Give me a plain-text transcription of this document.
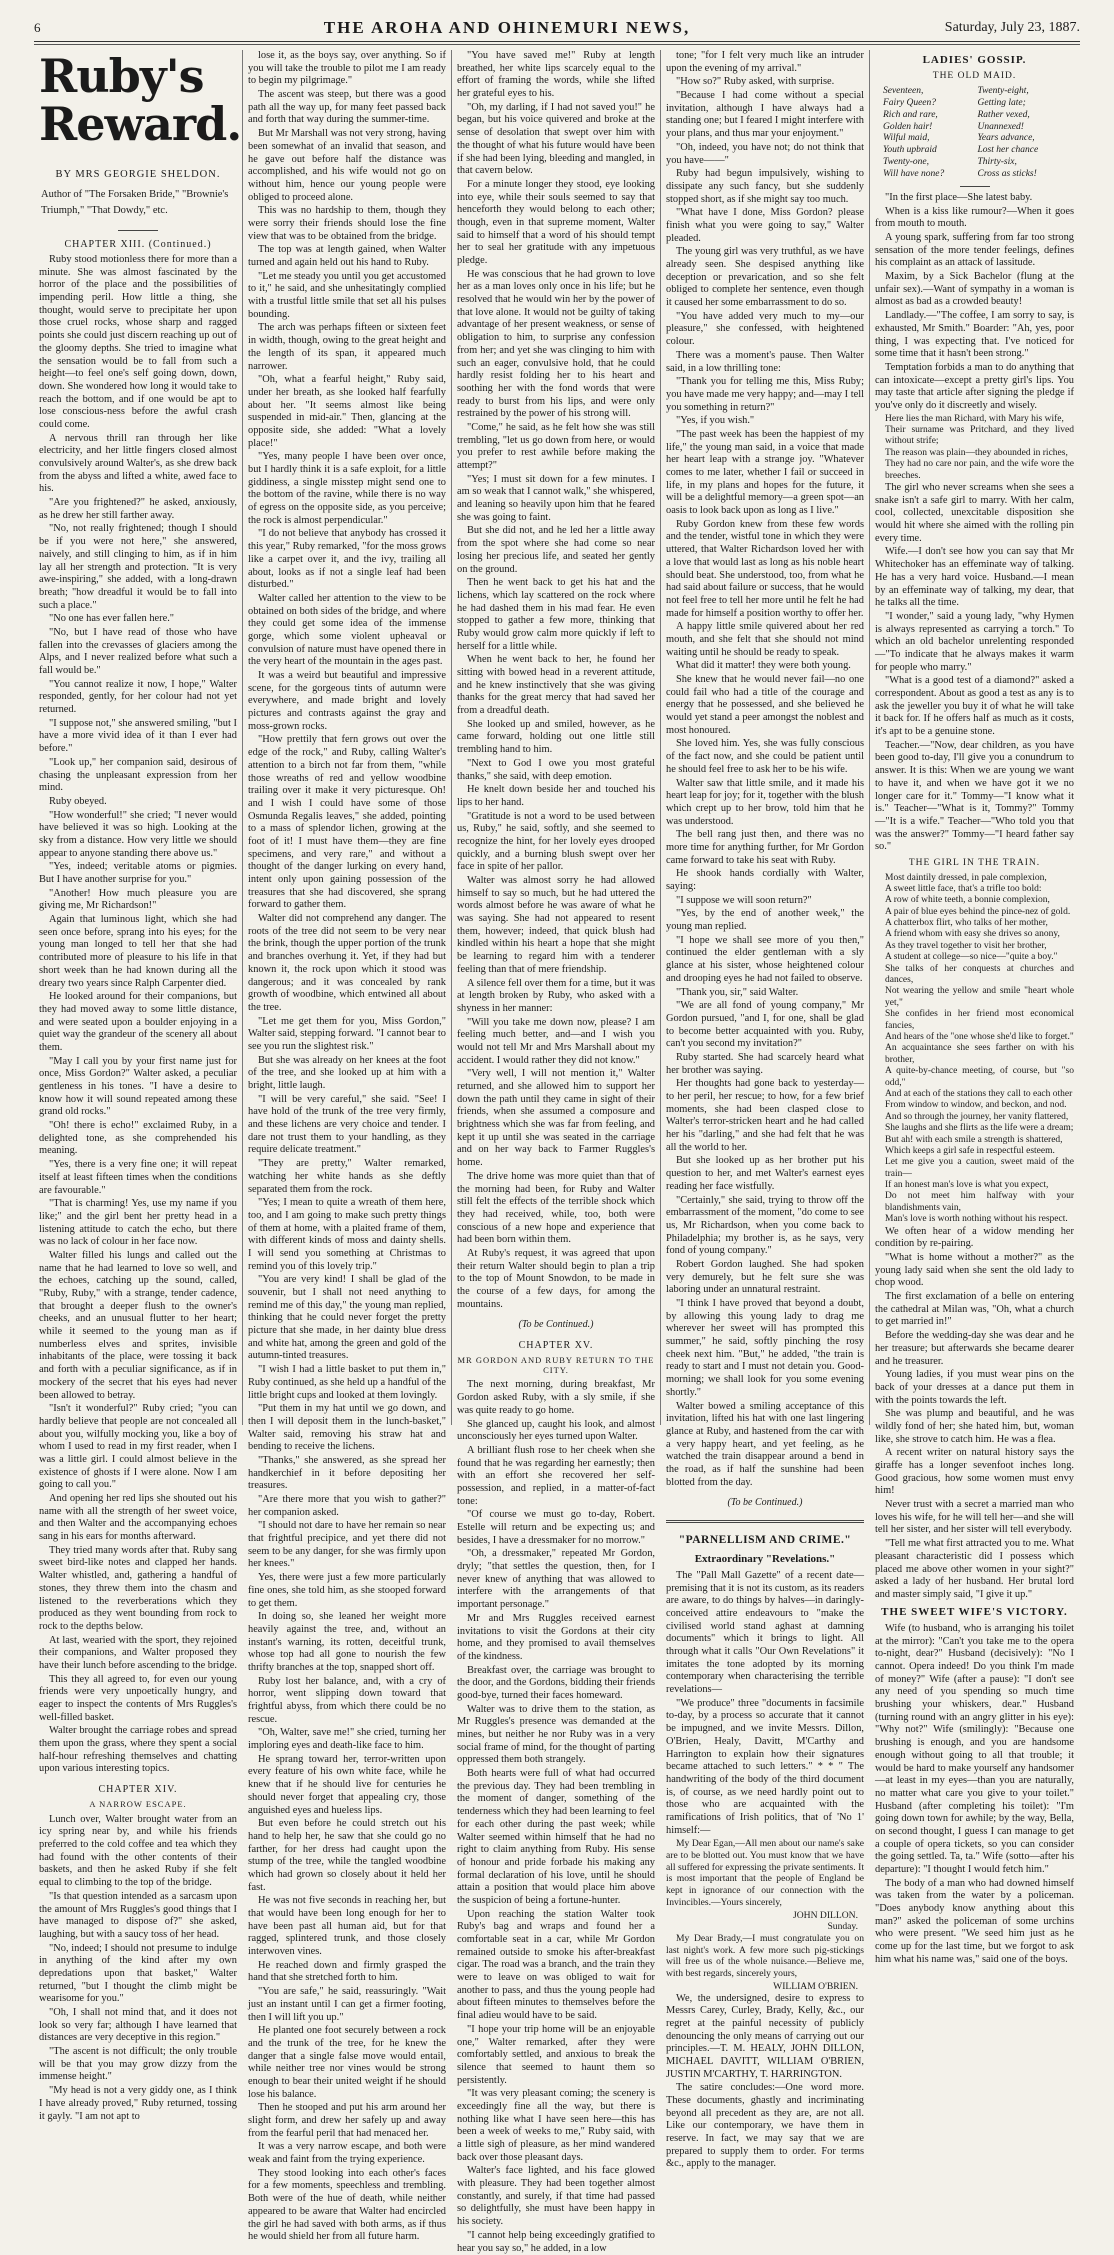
6	THE AROHA AND OHINEMURI NEWS,	Saturday, July 23, 1887.
Ruby's Reward.
BY MRS GEORGIE SHELDON.
Author of "The Forsaken Bride," "Brownie's Triumph," "That Dowdy," etc.
CHAPTER XIII. (Continued.)

Ruby stood motionless there for more than a minute. She was almost fascinated by the horror of the place and the possibilities of impending peril. How little a thing, she thought, would serve to precipitate her upon those cruel rocks, whose sharp and ragged points she could just discern reaching up out of the gloomy depths. She tried to imagine what the sensation would be to fall from such a height—to feel one's self going down, down, down. She wondered how long it would take to reach the bottom, and if one would be apt to lose conscious-ness before the awful crash could come.

A nervous thrill ran through her like electricity, and her little fingers closed almost convulsively around Walter's, as she drew back from the abyss and lifted a white, awed face to his.

"Are you frightened?" he asked, anxiously, as he drew her still farther away.

"No, not really frightened; though I should be if you were not here," she answered, naively, and still clinging to him, as if in him lay all her strength and protection. "It is very awe-inspiring," she added, with a long-drawn breath; "how dreadful it would be to fall into such a place."

"No one has ever fallen here."

"No, but I have read of those who have fallen into the crevasses of glaciers among the Alps, and I never realized before what such a fall would be."

"You cannot realize it now, I hope," Walter responded, gently, for her colour had not yet returned.

"I suppose not," she answered smiling, "but I have a more vivid idea of it than I ever had before."

"Look up," her companion said, desirous of chasing the unpleasant expression from her mind.

Ruby obeyed.

"How wonderful!" she cried; "I never would have believed it was so high. Looking at the sky from a distance. How very little we should appear to anyone standing there above us."

"Yes, indeed; veritable atoms or pigmies. But I have another surprise for you."

"Another! How much pleasure you are giving me, Mr Richardson!"

Again that luminous light, which she had seen once before, sprang into his eyes; for the young man longed to tell her that she had contributed more of pleasure to his life in that short week than he had known during all the dreary two years since Ralph Carpenter died.

He looked around for their companions, but they had moved away to some little distance, and were seated upon a boulder enjoying in a quiet way the grandeur of the scenery all about them.

"May I call you by your first name just for once, Miss Gordon?" Walter asked, a peculiar gentleness in his tones. "I have a desire to know how it will sound repeated among these grand old rocks."

"Oh! there is echo!" exclaimed Ruby, in a delighted tone, as she comprehended his meaning.

"Yes, there is a very fine one; it will repeat itself at least fifteen times when the conditions are favourable."

"That is charming! Yes, use my name if you like;" and the girl bent her pretty head in a listening attitude to catch the echo, but there was no lack of colour in her face now.

Walter filled his lungs and called out the name that he had learned to love so well, and the echoes, catching up the sound, called, "Ruby, Ruby," with a strange, tender cadence, that brought a deeper flush to the owner's cheeks, and an unusual flutter to her heart; while it seemed to the young man as if numberless elves and sprites, invisible inhabitants of the place, were tossing it back and forth with a peculiar significance, as if in mockery of the secret that his eyes had never been allowed to betray.

"Isn't it wonderful?" Ruby cried; "you can hardly believe that people are not concealed all about you, wilfully mocking you, like a boy of whom I used to read in my first reader, when I was a little girl. I could almost believe in the existence of ghosts if I were alone. Now I am going to call you."

And opening her red lips she shouted out his name with all the strength of her sweet voice, and then Walter and the accompanying echoes sang in his ears for months afterward.

They tried many words after that. Ruby sang sweet bird-like notes and clapped her hands. Walter whistled, and, gathering a handful of stones, they threw them into the chasm and listened to the reverberations which they produced as they went bounding from rock to rock to the depths below.

At last, wearied with the sport, they rejoined their companions, and Walter proposed they have their lunch before ascending to the bridge.

This they all agreed to, for even our young friends were very unpoetically hungry, and eager to inspect the contents of Mrs Ruggles's well-filled basket.

Walter brought the carriage robes and spread them upon the grass, where they spent a social half-hour refreshing themselves and chatting upon various interesting topics.

CHAPTER XIV.
A NARROW ESCAPE.

Lunch over, Walter brought water from an icy spring near by, and while his friends preferred to the cold coffee and tea which they had found with the other contents of their baskets, and then he asked Ruby if she felt equal to climbing to the top of the bridge.

"Is that question intended as a sarcasm upon the amount of Mrs Ruggles's good things that I have managed to dispose of?" she asked, laughing, but with a saucy toss of her head.

"No, indeed; I should not presume to indulge in anything of the kind after my own depredations upon that basket," Walter returned, "but I thought the climb might be wearisome for you."

"Oh, I shall not mind that, and it does not look so very far; although I have learned that distances are very deceptive in this region."

"The ascent is not difficult; the only trouble will be that you may grow dizzy from the immense height."

"My head is not a very giddy one, as I think I have already proved," Ruby returned, tossing it gayly. "I am not apt to

lose it, as the boys say, over anything. So if you will take the trouble to pilot me I am ready to begin my pilgrimage."

The ascent was steep, but there was a good path all the way up, for many feet passed back and forth that way during the summer-time.

But Mr Marshall was not very strong, having been somewhat of an invalid that season, and he gave out before half the distance was accomplished, and his wife would not go on without him, hence our young people were obliged to proceed alone.

This was no hardship to them, though they were sorry their friends should lose the fine view that was to be obtained from the bridge.

The top was at length gained, when Walter turned and again held out his hand to Ruby.

"Let me steady you until you get accustomed to it," he said, and she unhesitatingly complied with a trustful little smile that set all his pulses bounding.

The arch was perhaps fifteen or sixteen feet in width, though, owing to the great height and the length of its span, it appeared much narrower.

"Oh, what a fearful height," Ruby said, under her breath, as she looked half fearfully about her. "It seems almost like being suspended in mid-air." Then, glancing at the opposite side, she added: "What a lovely place!"

"Yes, many people I have been over once, but I hardly think it is a safe exploit, for a little giddiness, a single misstep might send one to the bottom of the ravine, while there is no way of egress on the opposite side, as you perceive; the rock is almost perpendicular."

"I do not believe that anybody has crossed it this year," Ruby remarked, "for the moss grows like a carpet over it, and the ivy, trailing all about, looks as if not a single leaf had been disturbed."

Walter called her attention to the view to be obtained on both sides of the bridge, and where they could get some idea of the immense gorge, which some violent upheaval or convulsion of nature must have opened there in the very heart of the mountain in the ages past.

It was a weird but beautiful and impressive scene, for the gorgeous tints of autumn were everywhere, and made bright and lovely pictures and contrasts against the gray and moss-grown rocks.

"How prettily that fern grows out over the edge of the rock," and Ruby, calling Walter's attention to a birch not far from them, "while those wreaths of red and yellow woodbine trailing over it make it very picturesque. Oh! and I wish I could have some of those Osmunda Regalis leaves," she added, pointing to a mass of splendor lichen, growing at the foot of it! I must have them—they are fine specimens, and very rare," and without a thought of the danger lurking on every hand, intent only upon gaining possession of the treasures that she had discovered, she sprang forward to gather them.

Walter did not comprehend any danger. The roots of the tree did not seem to be very near the brink, though the upper portion of the trunk and branches overhung it. Yet, if they had but known it, the rock upon which it stood was dangerous; and it was concealed by rank growth of woodbine, which entwined all about the tree.

"Let me get them for you, Miss Gordon," Walter said, stepping forward. "I cannot bear to see you run the slightest risk."

But she was already on her knees at the foot of the tree, and she looked up at him with a bright, little laugh.

"I will be very careful," she said. "See! I have hold of the trunk of the tree very firmly, and these lichens are very choice and tender. I dare not trust them to your handling, as they require delicate treatment."

"They are pretty," Walter remarked, watching her white hands as she deftly separated them from the rock.

"Yes; I mean to quite a wreath of them here, too, and I am going to make such pretty things of them at home, with a plaited frame of them, with different kinds of moss and dainty shells. I will send you something at Christmas to remind you of this lovely trip."

"You are very kind! I shall be glad of the souvenir, but I shall not need anything to remind me of this day," the young man replied, thinking that he could never forget the pretty picture that she made, in her dainty blue dress and white hat, among the green and gold of the autumn-tinted treasures.

"I wish I had a little basket to put them in," Ruby continued, as she held up a handful of the little bright cups and looked at them lovingly.

"Put them in my hat until we go down, and then I will deposit them in the lunch-basket," Walter said, removing his straw hat and bending to receive the lichens.

"Thanks," she answered, as she spread her handkerchief in it before depositing her treasures.

"Are there more that you wish to gather?" her companion asked.

"I should not dare to have her remain so near that frightful precipice, and yet there did not seem to be any danger, for she was firmly upon her knees."

Yes, there were just a few more particularly fine ones, she told him, as she stooped forward to get them.

In doing so, she leaned her weight more heavily against the tree, and, without an instant's warning, its rotten, deceitful trunk, whose top had all gone to nourish the few thrifty branches at the top, snapped short off.

Ruby lost her balance, and, with a cry of horror, went slipping down toward that frightful abyss, from which there could be no rescue.

"Oh, Walter, save me!" she cried, turning her imploring eyes and death-like face to him.

He sprang toward her, terror-written upon every feature of his own white face, while he knew that if he should live for centuries he should never forget that appealing cry, those anguished eyes and hueless lips.

But even before he could stretch out his hand to help her, he saw that she could go no farther, for her dress had caught upon the stump of the tree, while the tangled woodbine which had grown so closely about it held her fast.

He was not five seconds in reaching her, but that would have been long enough for her to have been past all human aid, but for that ragged, splintered trunk, and those closely interwoven vines.

He reached down and firmly grasped the hand that she stretched forth to him.

"You are safe," he said, reassuringly. "Wait just an instant until I can get a firmer footing, then I will lift you up."

He planted one foot securely between a rock and the trunk of the tree, for he knew the danger that a single false move would entail, while neither tree nor vines would be strong enough to bear their united weight if he should lose his balance.

Then he stooped and put his arm around her slight form, and drew her safely up and away from the fearful peril that had menaced her.

It was a very narrow escape, and both were weak and faint from the trying experience.

They stood looking into each other's faces for a few moments, speechless and trembling. Both were of the hue of death, while neither appeared to be aware that Walter had encircled the girl he had saved with both arms, as if thus he would shield her from all future harm.

"You have saved me!" Ruby at length breathed, her white lips scarcely equal to the effort of framing the words, while she lifted her grateful eyes to his.

"Oh, my darling, if I had not saved you!" he began, but his voice quivered and broke at the sense of desolation that swept over him with the thought of what his future would have been if she had been lying, bleeding and mangled, in that cavern below.

For a minute longer they stood, eye looking into eye, while their souls seemed to say that henceforth they would belong to each other; though, even in that supreme moment, Walter said to himself that a word of his should tempt her to seal her gratitude with any impetuous pledge.

He was conscious that he had grown to love her as a man loves only once in his life; but he resolved that he would win her by the power of that love alone. It would not be guilty of taking advantage of her present weakness, or sense of obligation to him, to surprise any confession from her; and yet she was clinging to him with such an eager, convulsive hold, that he could hardly resist folding her to his heart and soothing her with the fond words that were ready to burst from his lips, and were only restrained by the power of his strong will.

"Come," he said, as he felt how she was still trembling, "let us go down from here, or would you prefer to rest awhile before making the attempt?"

"Yes; I must sit down for a few minutes. I am so weak that I cannot walk," she whispered, and leaning so heavily upon him that he feared she was going to faint.

But she did not, and he led her a little away from the spot where she had come so near losing her precious life, and seated her gently on the ground.

Then he went back to get his hat and the lichens, which lay scattered on the rock where he had dashed them in his mad fear. He even stopped to gather a few more, thinking that Ruby would grow calm more quickly if left to herself for a little while.

When he went back to her, he found her sitting with bowed head in a reverent attitude, and he knew instinctively that she was giving thanks for the great mercy that had saved her from a dreadful death.

She looked up and smiled, however, as he came forward, holding out one little still trembling hand to him.

"Next to God I owe you most grateful thanks," she said, with deep emotion.

He knelt down beside her and touched his lips to her hand.

"Gratitude is not a word to be used between us, Ruby," he said, softly, and she seemed to recognize the hint, for her lovely eyes drooped quickly, and a burning blush swept over her face in spite of her pallor.

Walter was almost sorry he had allowed himself to say so much, but he had uttered the words almost before he was aware of what he was saying. She had not appeared to resent them, however; indeed, that quick blush had kindled within his heart a hope that she might be learning to regard him with a tenderer feeling than that of mere friendship.

A silence fell over them for a time, but it was at length broken by Ruby, who asked with a shyness in her manner:

"Will you take me down now, please? I am feeling much better, and—and I wish you would not tell Mr and Mrs Marshall about my accident. I would rather they did not know."

"Very well, I will not mention it," Walter returned, and she allowed him to support her down the path until they came in sight of their friends, when she assumed a composure and brightness which she was far from feeling, and kept it up until she was seated in the carriage and on her way back to Farmer Ruggles's home.

The drive home was more quiet than that of the morning had been, for Ruby and Walter still felt the effects of the terrible shock which they had received, while, too, both were conscious of a new hope and experience that had been born within them.

At Ruby's request, it was agreed that upon their return Walter should begin to plan a trip to the top of Mount Snowdon, to be made in the course of a few days, for among the mountains.

(To be Continued.)
CHAPTER XV.
MR GORDON AND RUBY RETURN TO THE CITY.

The next morning, during breakfast, Mr Gordon asked Ruby, with a sly smile, if she was quite ready to go home.

She glanced up, caught his look, and almost unconsciously her eyes turned upon Walter.

A brilliant flush rose to her cheek when she found that he was regarding her earnestly; then with an effort she recovered her self-possession, and replied, in a matter-of-fact tone:

"Of course we must go to-day, Robert. Estelle will return and be expecting us; and besides, I have a dressmaker for no morrow."

"Oh, a dressmaker," repeated Mr Gordon, dryly; "that settles the question, then, for I never knew of anything that was allowed to interfere with the arrangements of that important personage."

Mr and Mrs Ruggles received earnest invitations to visit the Gordons at their city home, and they promised to avail themselves of the kindness.

Breakfast over, the carriage was brought to the door, and the Gordons, bidding their friends good-bye, turned their faces homeward.

Walter was to drive them to the station, as Mr Ruggles's presence was demanded at the mines, but neither he nor Ruby was in a very social frame of mind, for the thought of parting oppressed them both strangely.

Both hearts were full of what had occurred the previous day. They had been trembling in the moment of danger, something of the tenderness which they had been learning to feel for each other during the past week; while Walter seemed within himself that he had no right to claim anything from Ruby. His sense of honour and pride forbade his making any formal declaration of his love, until he should attain a position that would place him above the suspicion of being a fortune-hunter.

Upon reaching the station Walter took Ruby's bag and wraps and found her a comfortable seat in a car, while Mr Gordon remained outside to smoke his after-breakfast cigar. The road was a branch, and the train they were to leave on was obliged to wait for another to pass, and thus the young people had about fifteen minutes to themselves before the final adieu would have to be said.

"I hope your trip home will be an enjoyable one," Walter remarked, after they were comfortably settled, and anxious to break the silence that seemed to haunt them so persistently.

"It was very pleasant coming; the scenery is exceedingly fine all the way, but there is nothing like what I have seen here—this has been a week of weeks to me," Ruby said, with a little sigh of pleasure, as her mind wandered back over those pleasant days.

Walter's face lighted, and his face glowed with pleasure. They had been together almost constantly, and surely, if that time had passed so delightfully, she must have been happy in his society.

"I cannot help being exceedingly gratified to hear you say so," he added, in a low

tone; "for I felt very much like an intruder upon the evening of my arrival."

"How so?" Ruby asked, with surprise.

"Because I had come without a special invitation, although I have always had a standing one; but I feared I might interfere with your plans, and thus mar your enjoyment."

"Oh, indeed, you have not; do not think that you have——"

Ruby had begun impulsively, wishing to dissipate any such fancy, but she suddenly stopped short, as if she might say too much.

"What have I done, Miss Gordon? please finish what you were going to say," Walter pleaded.

The young girl was very truthful, as we have already seen. She despised anything like deception or prevarication, and so she felt obliged to complete her sentence, even though it caused her some embarrassment to do so.

"You have added very much to my—our pleasure," she confessed, with heightened colour.

There was a moment's pause. Then Walter said, in a low thrilling tone:

"Thank you for telling me this, Miss Ruby; you have made me very happy; and—may I tell you something in return?"

"Yes, if you wish."

"The past week has been the happiest of my life," the young man said, in a voice that made her heart leap with a strange joy. "Whatever comes to me later, whether I fail or succeed in life, in my plans and hopes for the future, it will be a delightful memory—a green spot—an oasis to look back upon as long as I live."

Ruby Gordon knew from these few words and the tender, wistful tone in which they were uttered, that Walter Richardson loved her with a love that would last as long as his noble heart should beat. She understood, too, from what he had said about failure or success, that he would not feel free to tell her more until he felt he had made for himself a position worthy to offer her.

A happy little smile quivered about her red mouth, and she felt that she should not mind waiting until he should be ready to speak.

What did it matter! they were both young.

She knew that he would never fail—no one could fail who had a title of the courage and energy that he possessed, and she believed he would yet stand a peer amongst the noblest and most honoured.

She loved him. Yes, she was fully conscious of the fact now, and she could be patient until he should feel free to ask her to be his wife.

Walter saw that little smile, and it made his heart leap for joy; for it, together with the blush which crept up to her brow, told him that he was understood.

The bell rang just then, and there was no more time for anything further, for Mr Gordon came forward to take his seat with Ruby.

He shook hands cordially with Walter, saying:

"I suppose we will soon return?"

"Yes, by the end of another week," the young man replied.

"I hope we shall see more of you then," continued the elder gentleman with a sly glance at his sister, whose heightened colour and drooping eyes he had not failed to observe.

"Thank you, sir," said Walter.

"We are all fond of young company," Mr Gordon pursued, "and I, for one, shall be glad to become better acquainted with you. Ruby, can't you second my invitation?"

Ruby started. She had scarcely heard what her brother was saying.

Her thoughts had gone back to yesterday—to her peril, her rescue; to how, for a few brief moments, she had been clasped close to Walter's terror-stricken heart and he had called her his "darling," and she had felt that he was all the world to her.

But she looked up as her brother put his question to her, and met Walter's earnest eyes reading her face wistfully.

"Certainly," she said, trying to throw off the embarrassment of the moment, "do come to see us, Mr Richardson, when you come back to Philadelphia; my brother is, as he says, very fond of young company."

Robert Gordon laughed. She had spoken very demurely, but he felt sure she was laboring under an unnatural restraint.

"I think I have proved that beyond a doubt, by allowing this young lady to drag me wherever her sweet will has prompted this summer," he said, softly pinching the rosy cheek next him. "But," he added, "the train is ready to start and I must not detain you. Good-morning; we shall look for you some evening shortly."

Walter bowed a smiling acceptance of this invitation, lifted his hat with one last lingering glance at Ruby, and hastened from the car with a very happy heart, and yet feeling, as he watched the train disappear around a bend in the road, as if half the sunshine had been blotted from the day.

(To be Continued.)
"PARNELLISM AND CRIME."
Extraordinary "Revelations."

The "Pall Mall Gazette" of a recent date—premising that it is not its custom, as its readers are aware, to do things by halves—in daringly-conceived attire endeavours to "make the civilised world stand aghast at damning documents" which it brings to light. All through what it calls "Our Own Revelations" it imitates the tone adopted by its morning contemporary when characterising the terrible revelations—

"We produce" three "documents in facsimile to-day, by a process so accurate that it cannot be impugned, and we invite Messrs. Dillon, O'Brien, Healy, Davitt, M'Carthy and Harrington to explain how their signatures became attached to such letters." * * " The handwriting of the body of the third document is, of course, as we need hardly point out to those who are acquainted with the ramifications of Irish politics, that of 'No 1' himself:—

My Dear Egan,—All men about our name's sake are to be blotted out. You must know that we have all suffered for expressing the private sentiments. It is most important that the people of England be kept in ignorance of our connection with the Invincibles.—Yours sincerely,

JOHN DILLON.
Sunday.

My Dear Brady,—I must congratulate you on last night's work. A few more such pig-stickings will free us of the whole nuisance.—Believe me, with best regards, sincerely yours,

WILLIAM O'BRIEN.

We, the undersigned, desire to express to Messrs Carey, Curley, Brady, Kelly, &c., our regret at the painful necessity of publicly denouncing the only means of carrying out our principles.—T. M. HEALY, JOHN DILLON, MICHAEL DAVITT, WILLIAM O'BRIEN, JUSTIN M'CARTHY, T. HARRINGTON.

The satire concludes:—One word more. These documents, ghastly and incriminating beyond all precedent as they are, are not all. Like our contemporary, we have them in reserve. In fact, we may say that we are prepared to supply them to order. For terms &c., apply to the manager.

LADIES' GOSSIP.
THE OLD MAID.
Seventeen,	Twenty-eight,
Fairy Queen?	Getting late;
Rich and rare,	Rather vexed,
Golden hair!	Unannexed!
Wilful maid,	Years advance,
Youth upbraid	Lost her chance
Twenty-one,	Thirty-six,
Will have none?	Cross as sticks!

"In the first place—She latest baby.

When is a kiss like rumour?—When it goes from mouth to mouth.

A young spark, suffering from far too strong sensation of the more tender feelings, defines his complaint as an attack of lassitude.

Maxim, by a Sick Bachelor (flung at the unfair sex).—Want of sympathy in a woman is almost as bad as a crowded beauty!

Landlady.—"The coffee, I am sorry to say, is exhausted, Mr Smith." Boarder: "Ah, yes, poor thing, I was expecting that. I've noticed for some time that it hasn't been strong."

Temptation forbids a man to do anything that can intoxicate—except a pretty girl's lips. You may taste that article after signing the pledge if you've only do it discreetly and wisely.

Here lies the man Richard, with Mary his wife,
Their surname was Pritchard, and they lived without strife;
The reason was plain—they abounded in riches,
They had no care nor pain, and the wife wore the breeches.

The girl who never screams when she sees a snake isn't a safe girl to marry. With her calm, cool, collected, unexcitable disposition she would hit where she aimed with the rolling pin every time.

Wife.—I don't see how you can say that Mr Whitechoker has an effeminate way of talking. He has a very hard voice. Husband.—I mean by an effeminate way of talking, my dear, that he talks all the time.

"I wonder," said a young lady, "why Hymen is always represented as carrying a torch." To which an old bachelor unrelenting responded—"To indicate that he always makes it warm for people who marry."

"What is a good test of a diamond?" asked a correspondent. About as good a test as any is to ask the jeweller you buy it of what he will take it back for. If he offers half as much as it costs, it's apt to be a genuine stone.

Teacher.—"Now, dear children, as you have been good to-day, I'll give you a conundrum to answer. It is this: When we are young we want to have it, and when we have got it we no longer care for it." Tommy—"I know what it is." Teacher—"What is it, Tommy?" Tommy—"It is a wife." Teacher—"Who told you that was the answer?" Tommy—"I heard father say so."

THE GIRL IN THE TRAIN.
Most daintily dressed, in pale complexion,
A sweet little face, that's a trifle too bold:
A row of white teeth, a bonnie complexion,
A pair of blue eyes behind the pince-nez of gold.
A chatterbox flirt, who talks of her mother,
A friend whom with easy she drives so anony,
As they travel together to visit her brother,
A student at college—so nice—"quite a boy."
She talks of her conquests at churches and dances,
Not wearing the yellow and smile "heart whole yet,"
She confides in her friend most economical fancies,
And hears of the "one whose she'd like to forget."
An acquaintance she sees farther on with his brother,
A quite-by-chance meeting, of course, but "so odd,"
And at each of the stations they call to each other
From window to window, and beckon, and nod.
And so through the journey, her vanity flattered,
She laughs and she flirts as the life were a dream;
But ah! with each smile a strength is shattered,
Which keeps a girl safe in respectful esteem.
Let me give you a caution, sweet maid of the train—
If an honest man's love is what you expect,
Do not meet him halfway with your blandishments vain,
Man's love is worth nothing without his respect.

We often hear of a widow mending her condition by re-pairing.

"What is home without a mother?" as the young lady said when she sent the old lady to chop wood.

The first exclamation of a belle on entering the cathedral at Milan was, "Oh, what a church to get married in!"

Before the wedding-day she was dear and he her treasure; but afterwards she became dearer and he treasurer.

Young ladies, if you must wear pins on the back of your dresses at a dance put them in with the points towards the left.

She was plump and beautiful, and he was wildly fond of her; she hated him, but, woman like, she strove to catch him. He was a flea.

A recent writer on natural history says the giraffe has a longer sevenfoot inches long. Good gracious, how some women must envy him!

Never trust with a secret a married man who loves his wife, for he will tell her—and she will tell her sister, and her sister will tell everybody.

"Tell me what first attracted you to me. What pleasant characteristic did I possess which placed me above other women in your sight?" asked a lady of her husband. Her brutal lord and master simply said, "I give it up."

THE SWEET WIFE'S VICTORY.

Wife (to husband, who is arranging his toilet at the mirror): "Can't you take me to the opera to-night, dear?" Husband (decisively): "No I cannot. Opera indeed! Do you think I'm made of money?" Wife (after a pause): "I don't see any need of you spending so much time brushing your whiskers, dear." Husband (turning round with an angry glitter in his eye): "Why not?" Wife (smilingly): "Because one brushing is enough, and you are handsome enough without going to all that trouble; it would be hard to make yourself any handsomer—at least in my eyes—than you are naturally, no matter what care you give to your toilet." Husband (after completing his toilet): "I'm going down town for awhile; by the way, Bella, on second thought, I guess I can manage to get a couple of opera tickets, so you can consider the going settled. Ta, ta." Wife (sotto—after his departure): "I thought I would fetch him."

The body of a man who had downed himself was taken from the water by a policeman. "Does anybody know anything about this man?" asked the policeman of some urchins who were present. "We seed him just as he come up for the last time, but we forgot to ask him what his name was," said one of the boys.
